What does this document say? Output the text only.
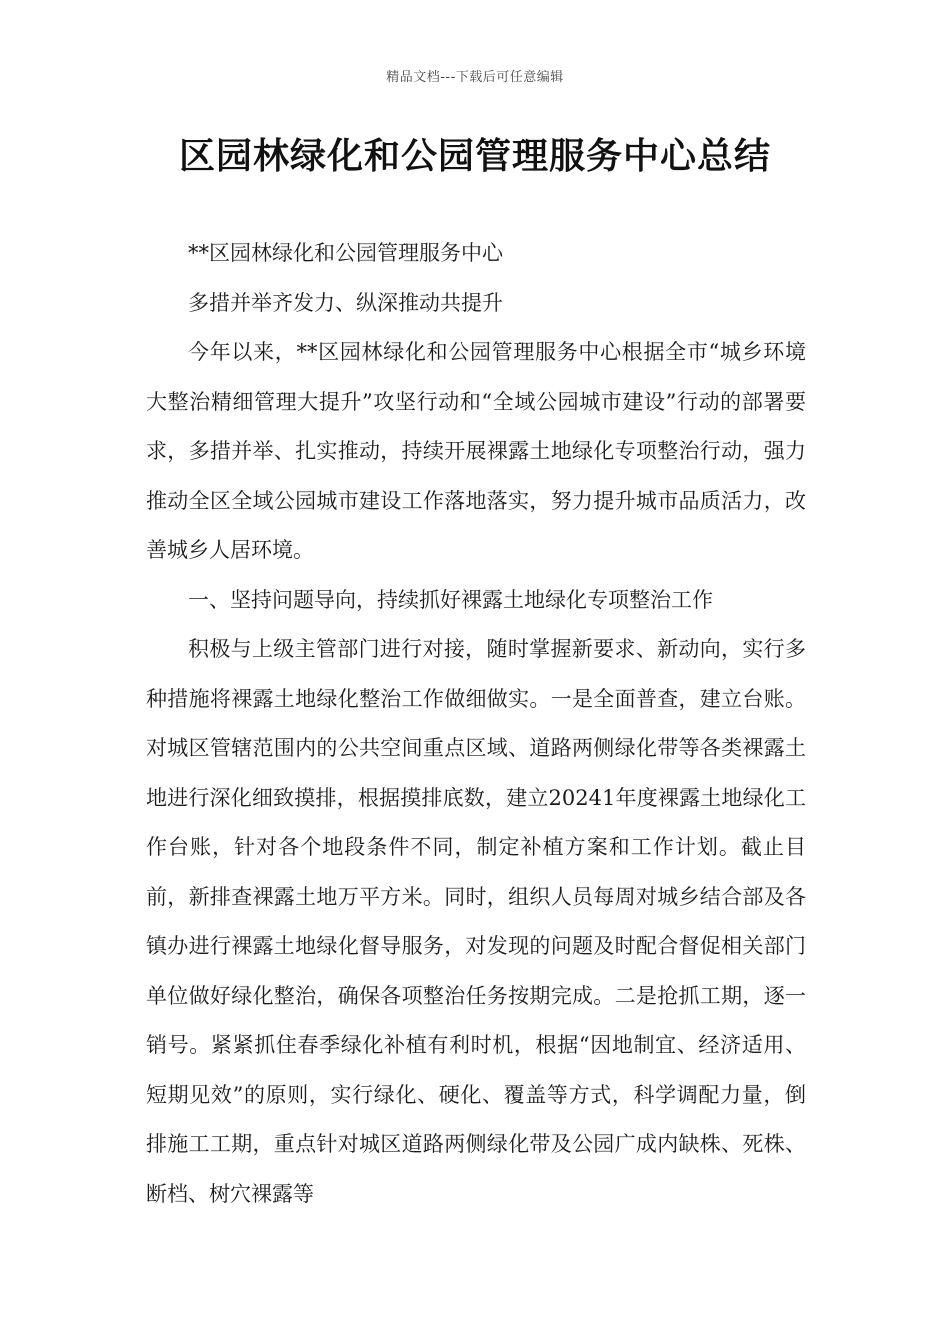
精品文档---下载后可任意编辑
区园林绿化和公园管理服务中心总结

**区园林绿化和公园管理服务中心

多措并举齐发力、纵深推动共提升

今年以来，**区园林绿化和公园管理服务中心根据全市“城乡环境大整治精细管理大提升”攻坚行动和“全域公园城市建设”行动的部署要求，多措并举、扎实推动，持续开展裸露土地绿化专项整治行动，强力推动全区全域公园城市建设工作落地落实，努力提升城市品质活力，改善城乡人居环境。

一、坚持问题导向，持续抓好裸露土地绿化专项整治工作

积极与上级主管部门进行对接，随时掌握新要求、新动向，实行多种措施将裸露土地绿化整治工作做细做实。一是全面普查，建立台账。对城区管辖范围内的公共空间重点区域、道路两侧绿化带等各类裸露土地进行深化细致摸排，根据摸排底数，建立20241年度裸露土地绿化工作台账，针对各个地段条件不同，制定补植方案和工作计划。截止目前，新排查裸露土地万平方米。同时，组织人员每周对城乡结合部及各镇办进行裸露土地绿化督导服务，对发现的问题及时配合督促相关部门单位做好绿化整治，确保各项整治任务按期完成。二是抢抓工期，逐一销号。紧紧抓住春季绿化补植有利时机，根据“因地制宜、经济适用、短期见效”的原则，实行绿化、硬化、覆盖等方式，科学调配力量，倒排施工工期，重点针对城区道路两侧绿化带及公园广成内缺株、死株、断档、树穴裸露等
